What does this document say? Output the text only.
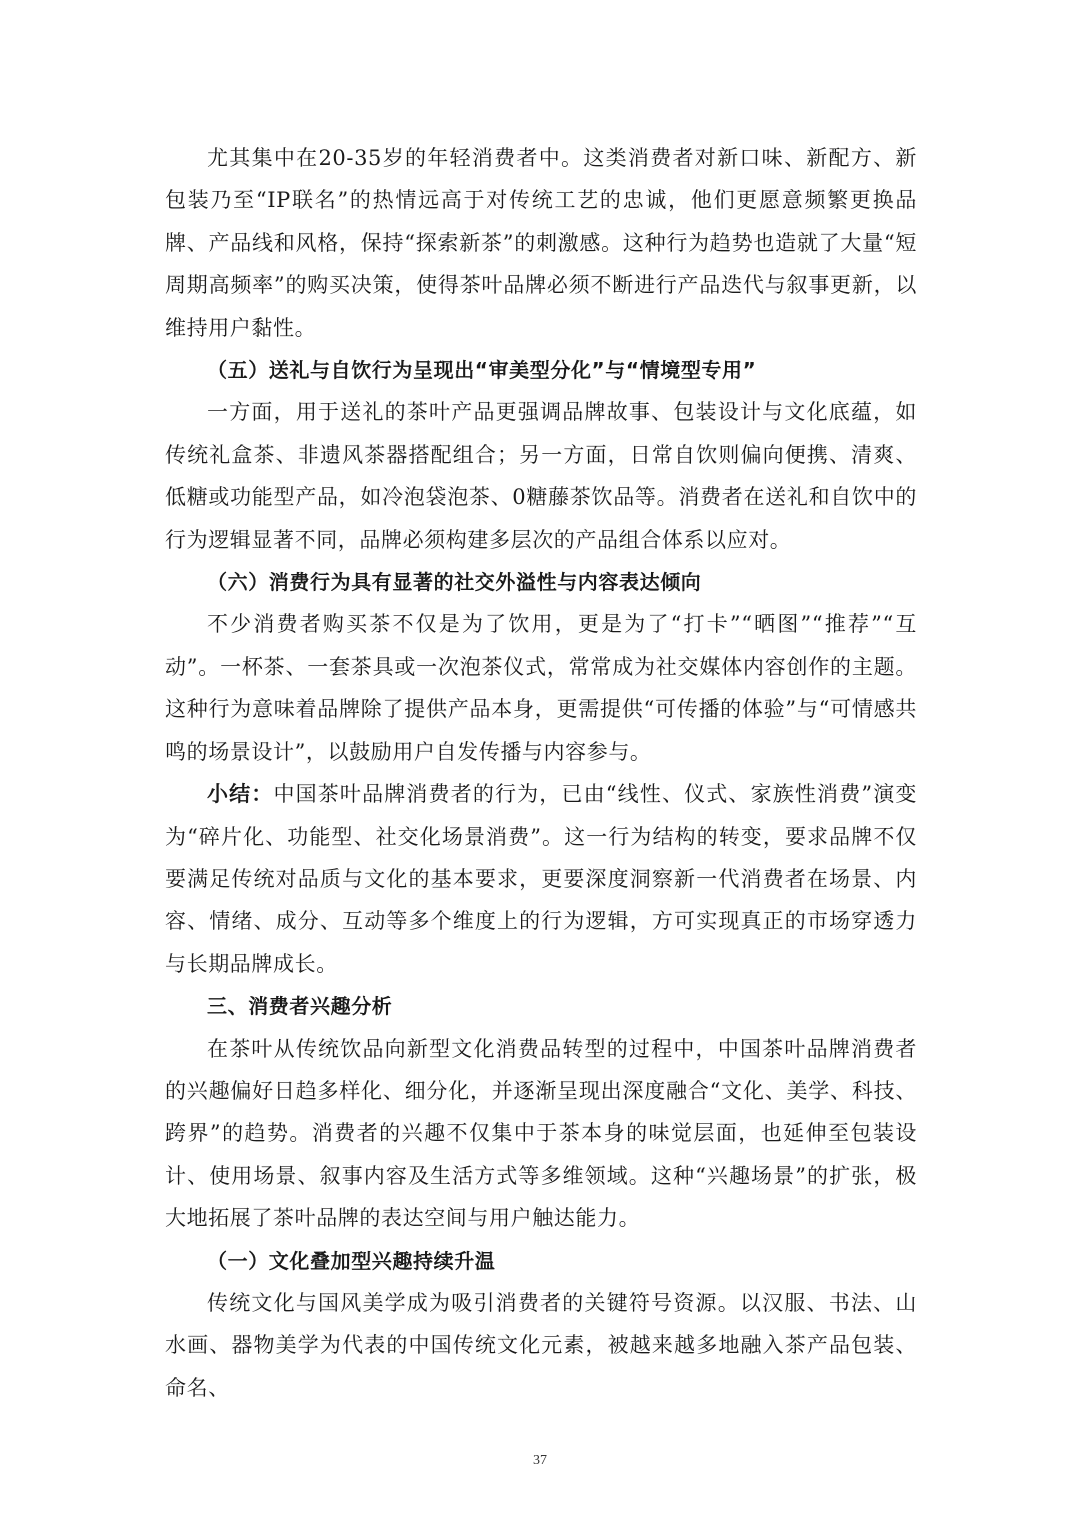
尤其集中在20-35岁的年轻消费者中。这类消费者对新口味、新配方、新包装乃至“IP联名”的热情远高于对传统工艺的忠诚，他们更愿意频繁更换品牌、产品线和风格，保持“探索新茶”的刺激感。这种行为趋势也造就了大量“短周期高频率”的购买决策，使得茶叶品牌必须不断进行产品迭代与叙事更新，以维持用户黏性。

（五）送礼与自饮行为呈现出“审美型分化”与“情境型专用”

一方面，用于送礼的茶叶产品更强调品牌故事、包装设计与文化底蕴，如传统礼盒茶、非遗风茶器搭配组合；另一方面，日常自饮则偏向便携、清爽、低糖或功能型产品，如冷泡袋泡茶、0糖藤茶饮品等。消费者在送礼和自饮中的行为逻辑显著不同，品牌必须构建多层次的产品组合体系以应对。

（六）消费行为具有显著的社交外溢性与内容表达倾向

不少消费者购买茶不仅是为了饮用，更是为了“打卡”“晒图”“推荐”“互动”。一杯茶、一套茶具或一次泡茶仪式，常常成为社交媒体内容创作的主题。这种行为意味着品牌除了提供产品本身，更需提供“可传播的体验”与“可情感共鸣的场景设计”，以鼓励用户自发传播与内容参与。

小结：中国茶叶品牌消费者的行为，已由“线性、仪式、家族性消费”演变为“碎片化、功能型、社交化场景消费”。这一行为结构的转变，要求品牌不仅要满足传统对品质与文化的基本要求，更要深度洞察新一代消费者在场景、内容、情绪、成分、互动等多个维度上的行为逻辑，方可实现真正的市场穿透力与长期品牌成长。

三、消费者兴趣分析

在茶叶从传统饮品向新型文化消费品转型的过程中，中国茶叶品牌消费者的兴趣偏好日趋多样化、细分化，并逐渐呈现出深度融合“文化、美学、科技、跨界”的趋势。消费者的兴趣不仅集中于茶本身的味觉层面，也延伸至包装设计、使用场景、叙事内容及生活方式等多维领域。这种“兴趣场景”的扩张，极大地拓展了茶叶品牌的表达空间与用户触达能力。

（一）文化叠加型兴趣持续升温

传统文化与国风美学成为吸引消费者的关键符号资源。以汉服、书法、山水画、器物美学为代表的中国传统文化元素，被越来越多地融入茶产品包装、命名、

37
